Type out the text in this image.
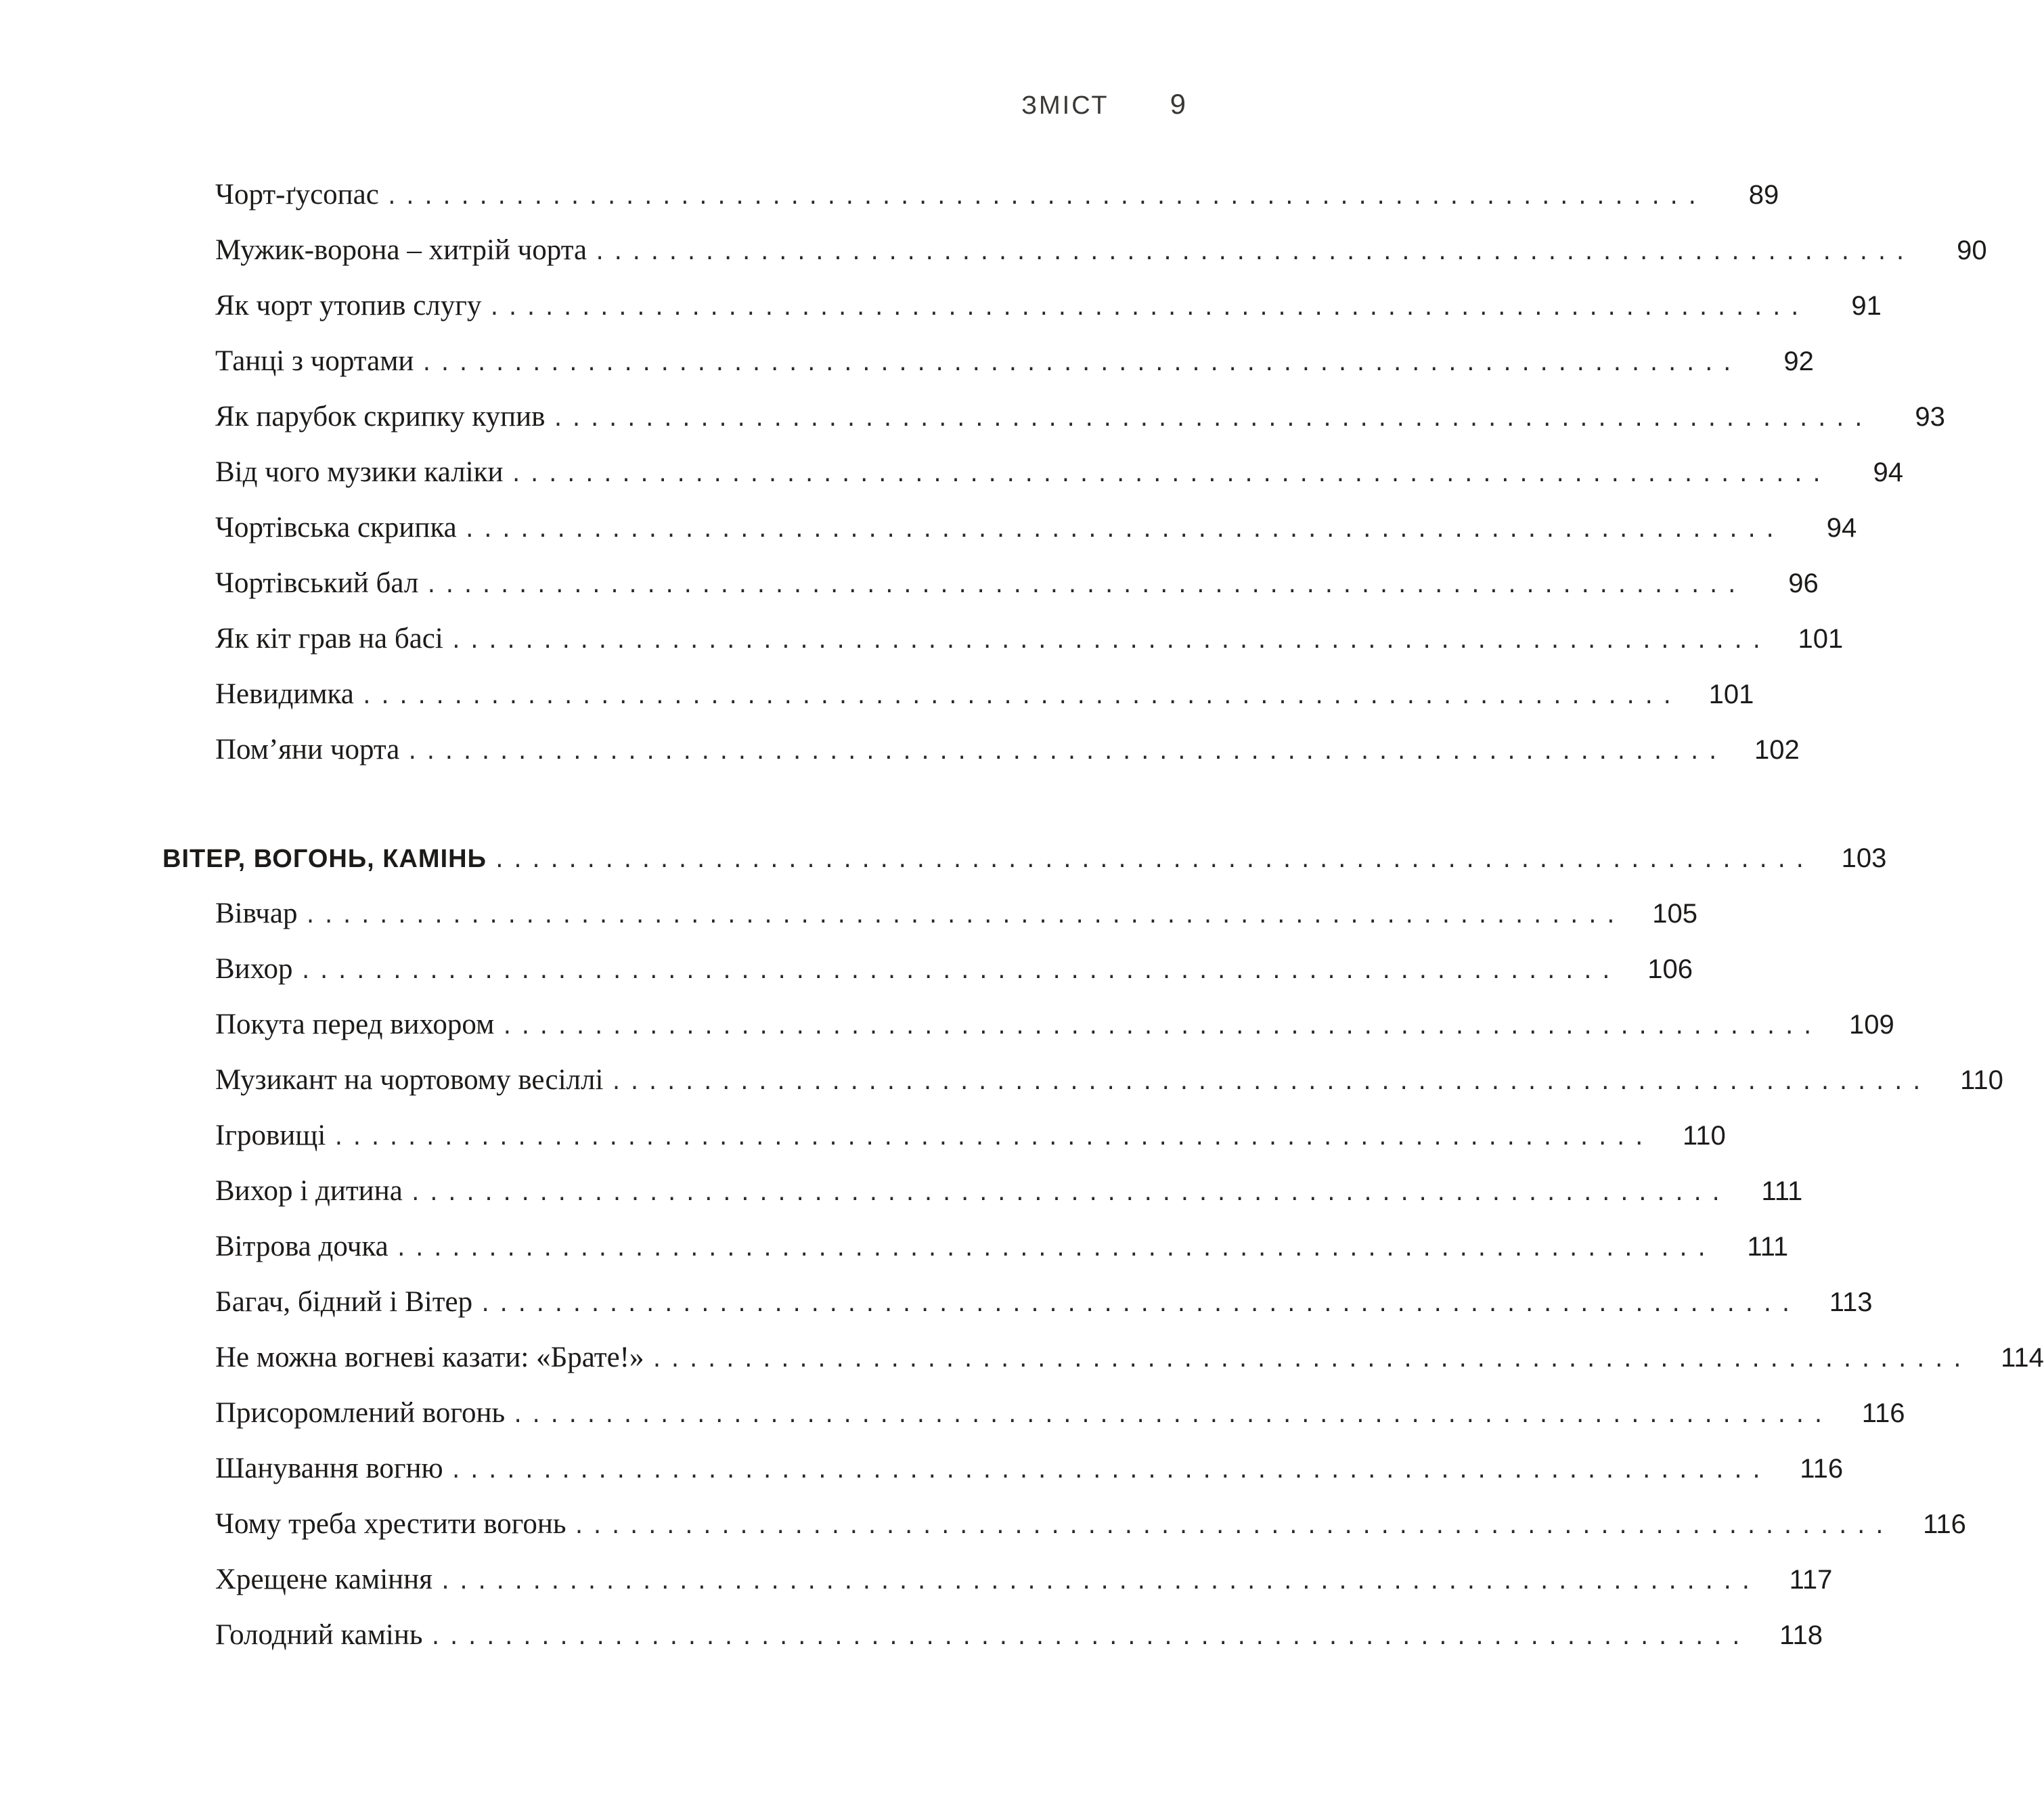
ЗМІСТ 9
Чорт-ґусопас ........................................................................	89
Мужик-ворона – хитрій чорта ........................................................................	90
Як чорт утопив слугу ........................................................................	91
Танці з чортами ........................................................................	92
Як парубок скрипку купив ........................................................................	93
Від чого музики каліки ........................................................................	94
Чортівська скрипка ........................................................................	94
Чортівський бал ........................................................................	96
Як кіт грав на басі ........................................................................	101
Невидимка ........................................................................	101
Пом’яни чорта ........................................................................	102
ВІТЕР, ВОГОНЬ, КАМІНЬ ........................................................................	103
Вівчар ........................................................................	105
Вихор ........................................................................	106
Покута перед вихором ........................................................................	109
Музикант на чортовому весіллі ........................................................................	110
Ігровищі ........................................................................	110
Вихор і дитина ........................................................................	111
Вітрова дочка ........................................................................	111
Багач, бідний і Вітер ........................................................................	113
Не можна вогневі казати: «Брате!» ........................................................................	114
Присоромлений вогонь ........................................................................	116
Шанування вогню ........................................................................	116
Чому треба хрестити вогонь ........................................................................	116
Хрещене каміння ........................................................................	117
Голодний камінь ........................................................................	118
